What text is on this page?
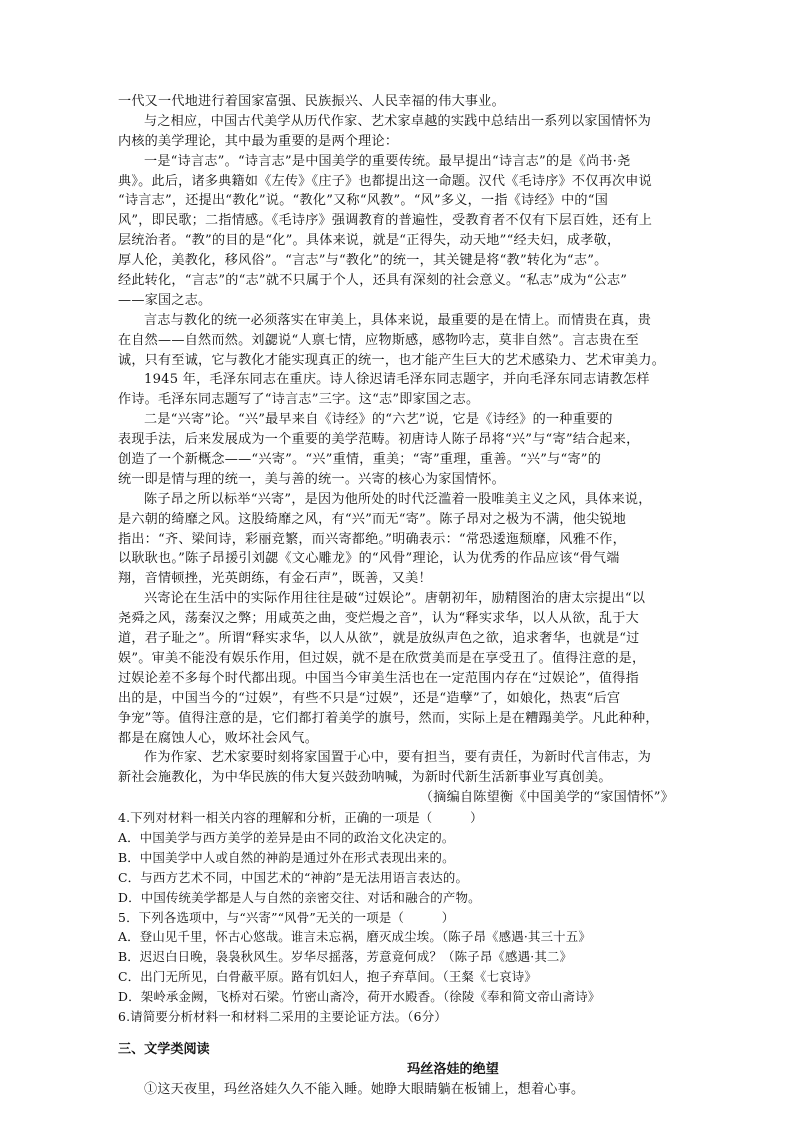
一代又一代地进行着国家富强、民族振兴、人民幸福的伟大事业。
与之相应，中国古代美学从历代作家、艺术家卓越的实践中总结出一系列以家国情怀为
内核的美学理论，其中最为重要的是两个理论：
一是“诗言志”。“诗言志”是中国美学的重要传统。最早提出“诗言志”的是《尚书·尧
典》。此后，诸多典籍如《左传》《庄子》也都提出这一命题。汉代《毛诗序》不仅再次申说
“诗言志”，还提出“教化”说。“教化”又称“风教”。“风”多义，一指《诗经》中的“国
风”，即民歌；二指情感。《毛诗序》强调教育的普遍性，受教育者不仅有下层百姓，还有上
层统治者。“教”的目的是“化”。具体来说，就是“正得失，动天地”“经夫妇，成孝敬，
厚人伦，美教化，移风俗”。“言志”与“教化”的统一，其关键是将“教”转化为“志”。
经此转化，“言志”的“志”就不只属于个人，还具有深刻的社会意义。“私志”成为“公志”
——家国之志。
言志与教化的统一必须落实在审美上，具体来说，最重要的是在情上。而情贵在真，贵
在自然——自然而然。刘勰说“人禀七情，应物斯感，感物吟志，莫非自然”。言志贵在至
诚，只有至诚，它与教化才能实现真正的统一，也才能产生巨大的艺术感染力、艺术审美力。
1945 年，毛泽东同志在重庆。诗人徐迟请毛泽东同志题字，并向毛泽东同志请教怎样
作诗。毛泽东同志题写了“诗言志”三字。这“志”即家国之志。
二是“兴寄”论。“兴”最早来自《诗经》的“六艺”说，它是《诗经》的一种重要的
表现手法，后来发展成为一个重要的美学范畴。初唐诗人陈子昂将“兴”与“寄”结合起来，
创造了一个新概念——“兴寄”。“兴”重情，重美；“寄”重理，重善。“兴”与“寄”的
统一即是情与理的统一，美与善的统一。兴寄的核心为家国情怀。
陈子昂之所以标举“兴寄”，是因为他所处的时代泛滥着一股唯美主义之风，具体来说，
是六朝的绮靡之风。这股绮靡之风，有“兴”而无“寄”。陈子昂对之极为不满，他尖锐地
指出：“齐、梁间诗，彩丽竞繁，而兴寄都绝。”明确表示：“常恐逶迤颓靡，风雅不作，
以耿耿也。”陈子昂援引刘勰《文心雕龙》的“风骨”理论，认为优秀的作品应该“骨气端
翔，音情顿挫，光英朗练，有金石声”，既善，又美！
兴寄论在生活中的实际作用往往是破“过娱论”。唐朝初年，励精图治的唐太宗提出“以
尧舜之风，荡秦汉之弊；用咸英之曲，变烂熳之音”，认为“释实求华，以人从欲，乱于大
道，君子耻之”。所谓“释实求华，以人从欲”，就是放纵声色之欲，追求奢华，也就是“过
娱”。审美不能没有娱乐作用，但过娱，就不是在欣赏美而是在享受丑了。值得注意的是，
过娱论差不多每个时代都出现。中国当今审美生活也在一定范围内存在“过娱论”，值得指
出的是，中国当今的“过娱”，有些不只是“过娱”，还是“造孽”了，如娘化，热衷“后宫
争宠”等。值得注意的是，它们都打着美学的旗号，然而，实际上是在糟蹋美学。凡此种种，
都是在腐蚀人心，败坏社会风气。
作为作家、艺术家要时刻将家国置于心中，要有担当，要有责任，为新时代言伟志，为
新社会施教化，为中华民族的伟大复兴鼓劲呐喊，为新时代新生活新事业写真创美。
（摘编自陈望衡《中国美学的“家国情怀”》
4.下列对材料一相关内容的理解和分析，正确的一项是（　　　）
A．中国美学与西方美学的差异是由不同的政治文化决定的。
B．中国美学中人或自然的神韵是通过外在形式表现出来的。
C．与西方艺术不同，中国艺术的“神韵”是无法用语言表达的。
D．中国传统美学都是人与自然的亲密交往、对话和融合的产物。
5．下列各选项中，与“兴寄”“风骨”无关的一项是（　　　）
A．登山见千里，怀古心悠哉。谁言未忘祸，磨灭成尘埃。（陈子昂《感遇·其三十五》
B．迟迟白日晚，袅袅秋风生。岁华尽摇落，芳意竟何成？（陈子昂《感遇·其二》
C．出门无所见，白骨蔽平原。路有饥妇人，抱子弃草间。（王粲《七哀诗》
D．架岭承金阙，飞桥对石梁。竹密山斋冷，荷开水殿香。（徐陵《奉和简文帝山斋诗》
6.请简要分析材料一和材料二采用的主要论证方法。（6分）
三、文学类阅读
玛丝洛娃的绝望
①这天夜里，玛丝洛娃久久不能入睡。她睁大眼睛躺在板铺上，想着心事。
